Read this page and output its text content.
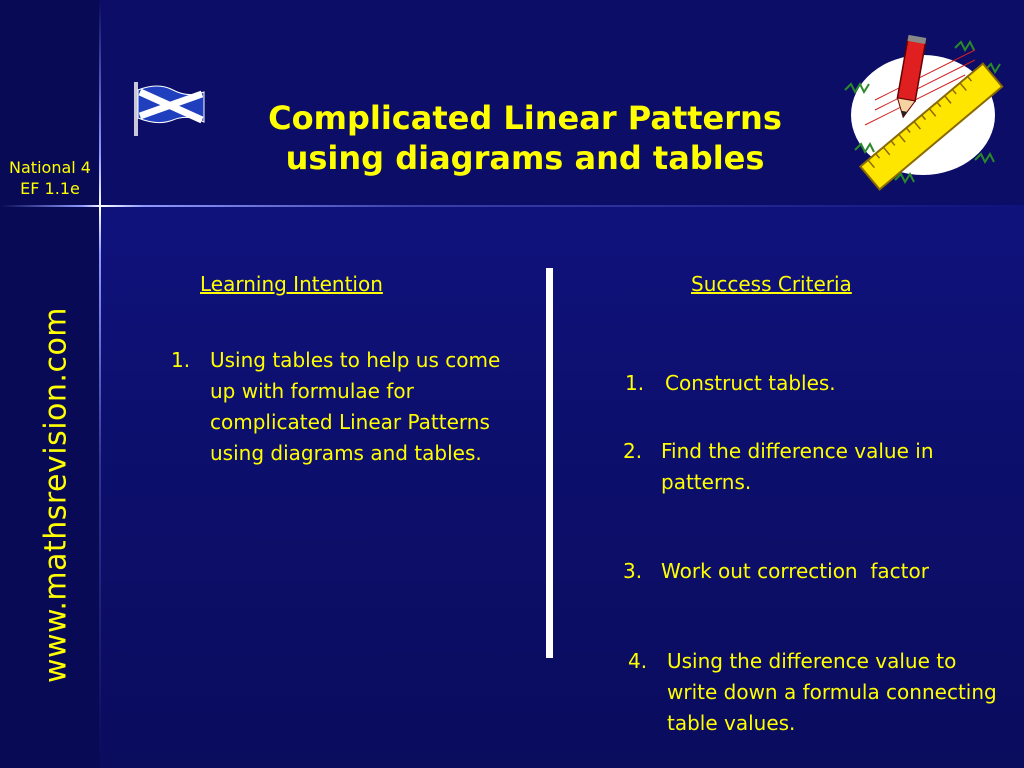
National 4
EF 1.1e
www.mathsrevision.com
Complicated Linear Patterns
using diagrams and tables
Learning Intention	Success Criteria
1. Using tables to help us come up with formulae for complicated Linear Patterns using diagrams and tables.
1. Construct tables.
2. Find the difference value in patterns.
3. Work out correction  factor
4. Using the difference value to write down a formula connecting table values.
